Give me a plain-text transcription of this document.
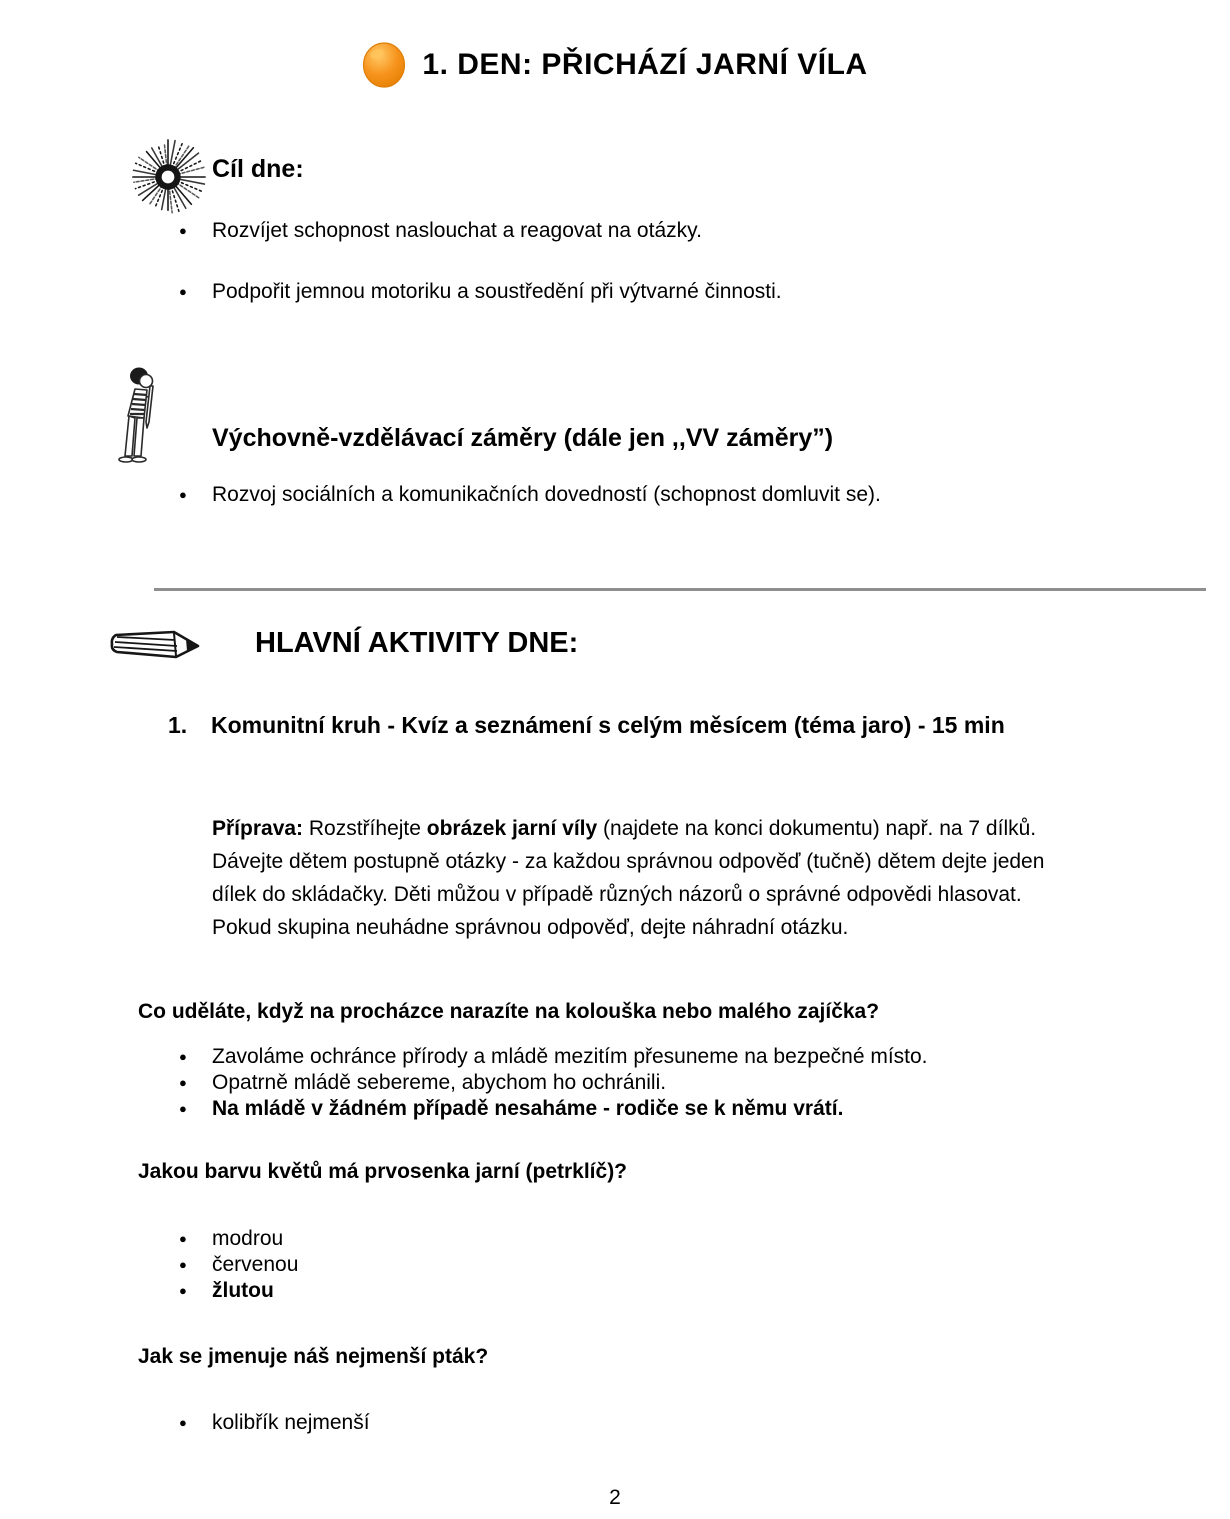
1. DEN: PŘICHÁZÍ JARNÍ VÍLA
Cíl dne:
● Rozvíjet schopnost naslouchat a reagovat na otázky.
● Podpořit jemnou motoriku a soustředění při výtvarné činnosti.
Výchovně-vzdělávací záměry (dále jen ,,VV záměry”)
● Rozvoj sociálních a komunikačních dovedností (schopnost domluvit se).
HLAVNÍ AKTIVITY DNE:
1.	Komunitní kruh - Kvíz a seznámení s celým měsícem (téma jaro) - 15 min

Příprava: Rozstříhejte obrázek jarní víly (najdete na konci dokumentu) např. na 7 dílků. Dávejte dětem postupně otázky - za každou správnou odpověď (tučně) dětem dejte jeden dílek do skládačky. Děti můžou v případě různých názorů o správné odpovědi hlasovat. Pokud skupina neuhádne správnou odpověď, dejte náhradní otázku.

Co uděláte, když na procházce narazíte na kolouška nebo malého zajíčka?

● Zavoláme ochránce přírody a mládě mezitím přesuneme na bezpečné místo.
● Opatrně mládě sebereme, abychom ho ochránili.
● Na mládě v žádném případě nesaháme - rodiče se k němu vrátí.

Jakou barvu květů má prvosenka jarní (petrklíč)?

● modrou
● červenou
● žlutou

Jak se jmenuje náš nejmenší pták?

● kolibřík nejmenší
2
